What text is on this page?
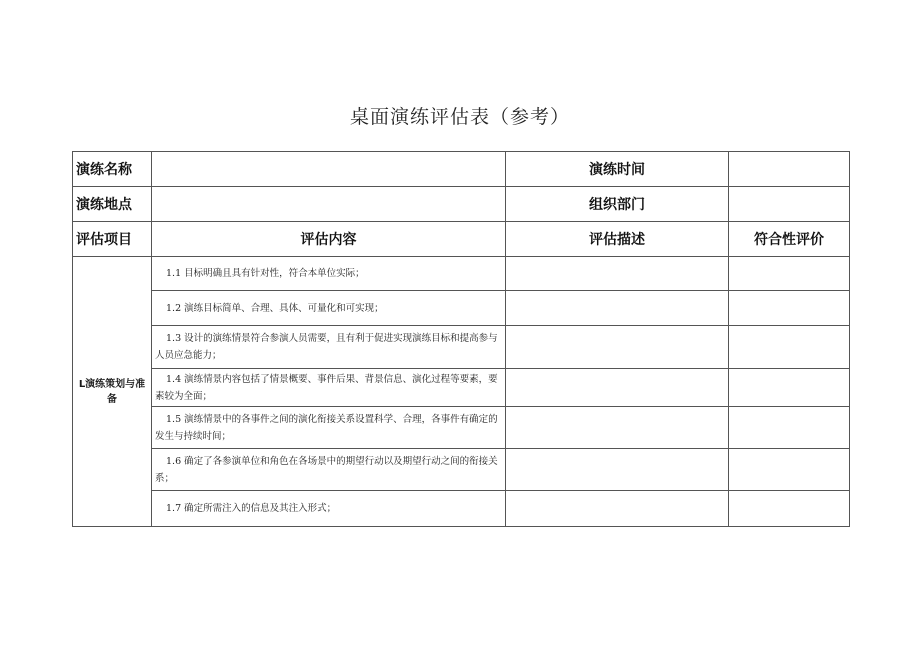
桌面演练评估表（参考）
演练名称		演练时间	
演练地点		组织部门	
评估项目	评估内容	评估描述	符合性评价
L演练策划与准备	1.1 目标明确且具有针对性，符合本单位实际；		
	1.2 演练目标简单、合理、具体、可量化和可实现；		
	1.3 设计的演练情景符合参演人员需要，且有利于促进实现演练目标和提高参与人员应急能力；		
	1.4 演练情景内容包括了情景概要、事件后果、背景信息、演化过程等要素，要素较为全面；		
	1.5 演练情景中的各事件之间的演化衔接关系设置科学、合理，各事件有确定的发生与持续时间；		
	1.6 确定了各参演单位和角色在各场景中的期望行动以及期望行动之间的衔接关系；		
	1.7 确定所需注入的信息及其注入形式；		
